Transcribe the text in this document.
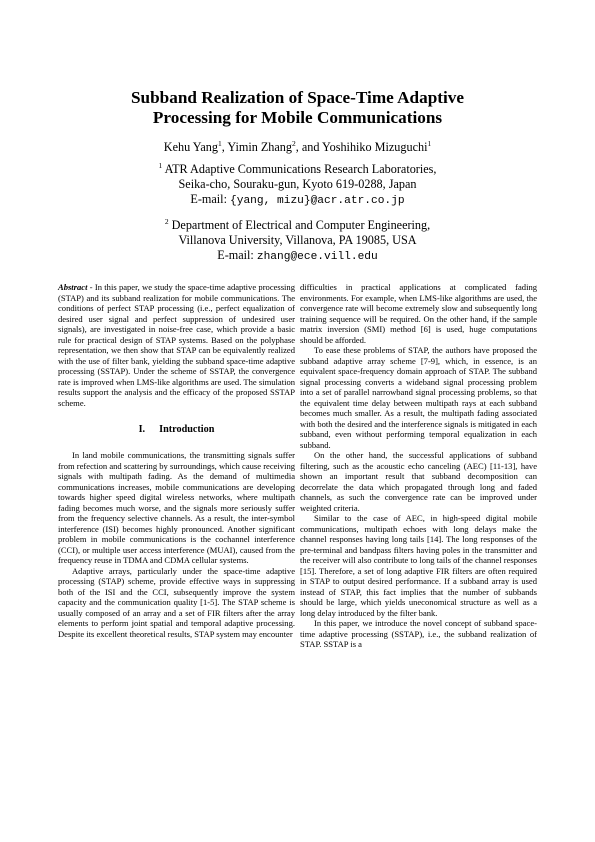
Subband Realization of Space-Time Adaptive
Processing for Mobile Communications
Kehu Yang$^1$, Yimin Zhang$^2$, and Yoshihiko Mizuguchi$^1$
$^1$ ATR Adaptive Communications Research Laboratories,
Seika-cho, Souraku-gun, Kyoto 619-0288, Japan
E-mail: {yang, mizu}@acr.atr.co.jp
$^2$ Department of Electrical and Computer Engineering,
Villanova University, Villanova, PA 19085, USA
E-mail: zhang@ece.vill.edu

Abstract - In this paper, we study the space-time adaptive processing (STAP) and its subband realization for mobile communications. The conditions of perfect STAP processing (i.e., perfect equalization of desired user signal and perfect suppression of undesired user signals), are investigated in noise-free case, which provide a basic rule for practical design of STAP systems. Based on the polyphase representation, we then show that STAP can be equivalently realized with the use of filter bank, yielding the subband space-time adaptive processing (SSTAP). Under the scheme of SSTAP, the convergence rate is improved when LMS-like algorithms are used. The simulation results support the analysis and the efficacy of the proposed SSTAP scheme.

I. Introduction

In land mobile communications, the transmitting signals suffer from refection and scattering by surroundings, which cause receiving signals with multipath fading. As the demand of multimedia communications increases, mobile communications are developing towards higher speed digital wireless networks, where multipath fading becomes much worse, and the signals more seriously suffer from the frequency selective channels. As a result, the inter-symbol interference (ISI) becomes highly pronounced. Another significant problem in mobile communications is the cochannel interference (CCI), or multiple user access interference (MUAI), caused from the frequency reuse in TDMA and CDMA cellular systems.

Adaptive arrays, particularly under the space-time adaptive processing (STAP) scheme, provide effective ways in suppressing both of the ISI and the CCI, subsequently improve the system capacity and the communication quality [1-5]. The STAP scheme is usually composed of an array and a set of FIR filters after the array elements to perform joint spatial and temporal adaptive processing. Despite its excellent theoretical results, STAP system may encounter

difficulties in practical applications at complicated fading environments. For example, when LMS-like algorithms are used, the convergence rate will become extremely slow and subsequently long training sequence will be required. On the other hand, if the sample matrix inversion (SMI) method [6] is used, huge computations should be afforded.

To ease these problems of STAP, the authors have proposed the subband adaptive array scheme [7-9], which, in essence, is an equivalent space-frequency domain approach of STAP. The subband signal processing converts a wideband signal processing problem into a set of parallel narrowband signal processing problems, so that the equivalent time delay between multipath rays at each subband becomes much smaller. As a result, the multipath fading associated with both the desired and the interference signals is mitigated in each subband, even without performing temporal equalization in each subband.

On the other hand, the successful applications of subband filtering, such as the acoustic echo canceling (AEC) [11-13], have shown an important result that subband decomposition can decorrelate the data which propagated through long and faded channels, as such the convergence rate can be improved under weighted criteria.

Similar to the case of AEC, in high-speed digital mobile communications, multipath echoes with long delays make the channel responses having long tails [14]. The long responses of the pre-terminal and bandpass filters having poles in the transmitter and the receiver will also contribute to long tails of the channel responses [15]. Therefore, a set of long adaptive FIR filters are often required in STAP to output desired performance. If a subband array is used instead of STAP, this fact implies that the number of subbands should be large, which yields uneconomical structure as well as a long delay introduced by the filter bank.

In this paper, we introduce the novel concept of subband space-time adaptive processing (SSTAP), i.e., the subband realization of STAP. SSTAP is a
